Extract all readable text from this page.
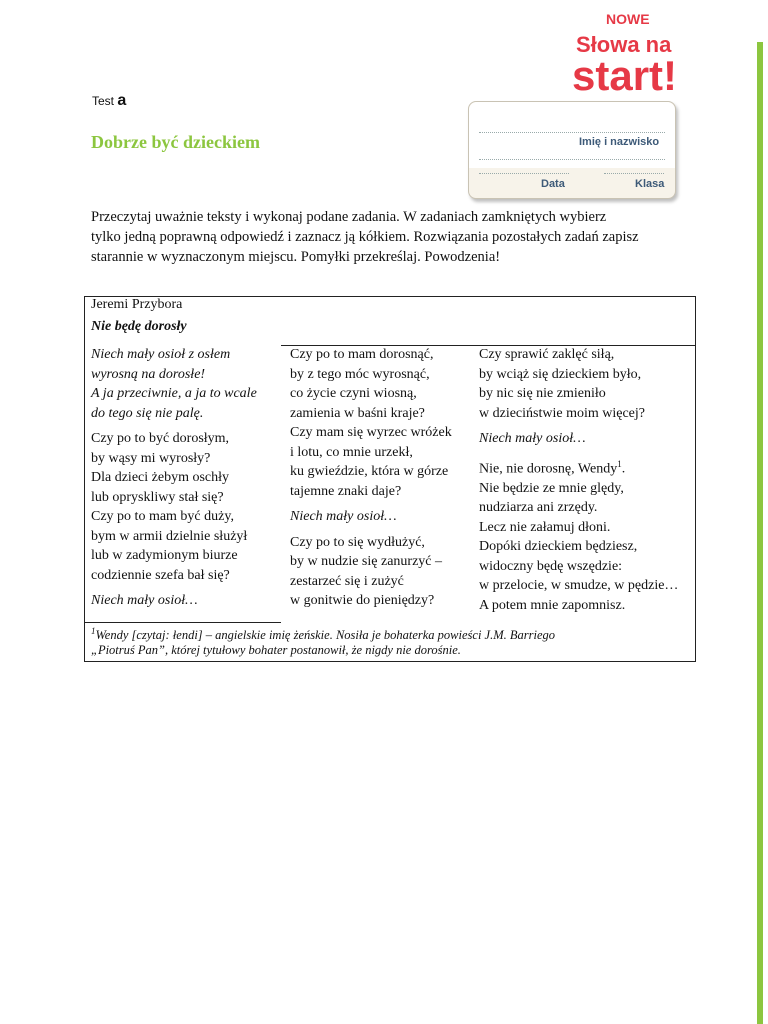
NOWE
Słowa na
start!
Test a
Dobrze być dzieckiem	Imię i nazwisko
Data	Klasa
Przeczytaj uważnie teksty i wykonaj podane zadania. W zadaniach zamkniętych wybierz
tylko jedną poprawną odpowiedź i zaznacz ją kółkiem. Rozwiązania pozostałych zadań zapisz
starannie w wyznaczonym miejscu. Pomyłki przekreślaj. Powodzenia!
Jeremi Przybora
Nie będę dorosły
Niech mały osioł z osłem
wyrosną na dorosłe!
A ja przeciwnie, a ja to wcale
do tego się nie palę.
Czy po to być dorosłym,
by wąsy mi wyrosły?
Dla dzieci żebym oschły
lub opryskliwy stał się?
Czy po to mam być duży,
bym w armii dzielnie służył
lub w zadymionym biurze
codziennie szefa bał się?
Niech mały osioł…
Czy po to mam dorosnąć,
by z tego móc wyrosnąć,
co życie czyni wiosną,
zamienia w baśni kraje?
Czy mam się wyrzec wróżek
i lotu, co mnie urzekł,
ku gwieździe, która w górze
tajemne znaki daje?
Niech mały osioł…
Czy po to się wydłużyć,
by w nudzie się zanurzyć –
zestarzeć się i zużyć
w gonitwie do pieniędzy?
Czy sprawić zaklęć siłą,
by wciąż się dzieckiem było,
by nic się nie zmieniło
w dzieciństwie moim więcej?
Niech mały osioł…
Nie, nie dorosnę, Wendy$^1$.
Nie będzie ze mnie ględy,
nudziarza ani zrzędy.
Lecz nie załamuj dłoni.
Dopóki dzieckiem będziesz,
widoczny będę wszędzie:
w przelocie, w smudze, w pędzie…
A potem mnie zapomnisz.
$^1$Wendy [czytaj: łendi] – angielskie imię żeńskie. Nosiła je bohaterka powieści J.M. Barriego
„Piotruś Pan”, której tytułowy bohater postanowił, że nigdy nie dorośnie.
